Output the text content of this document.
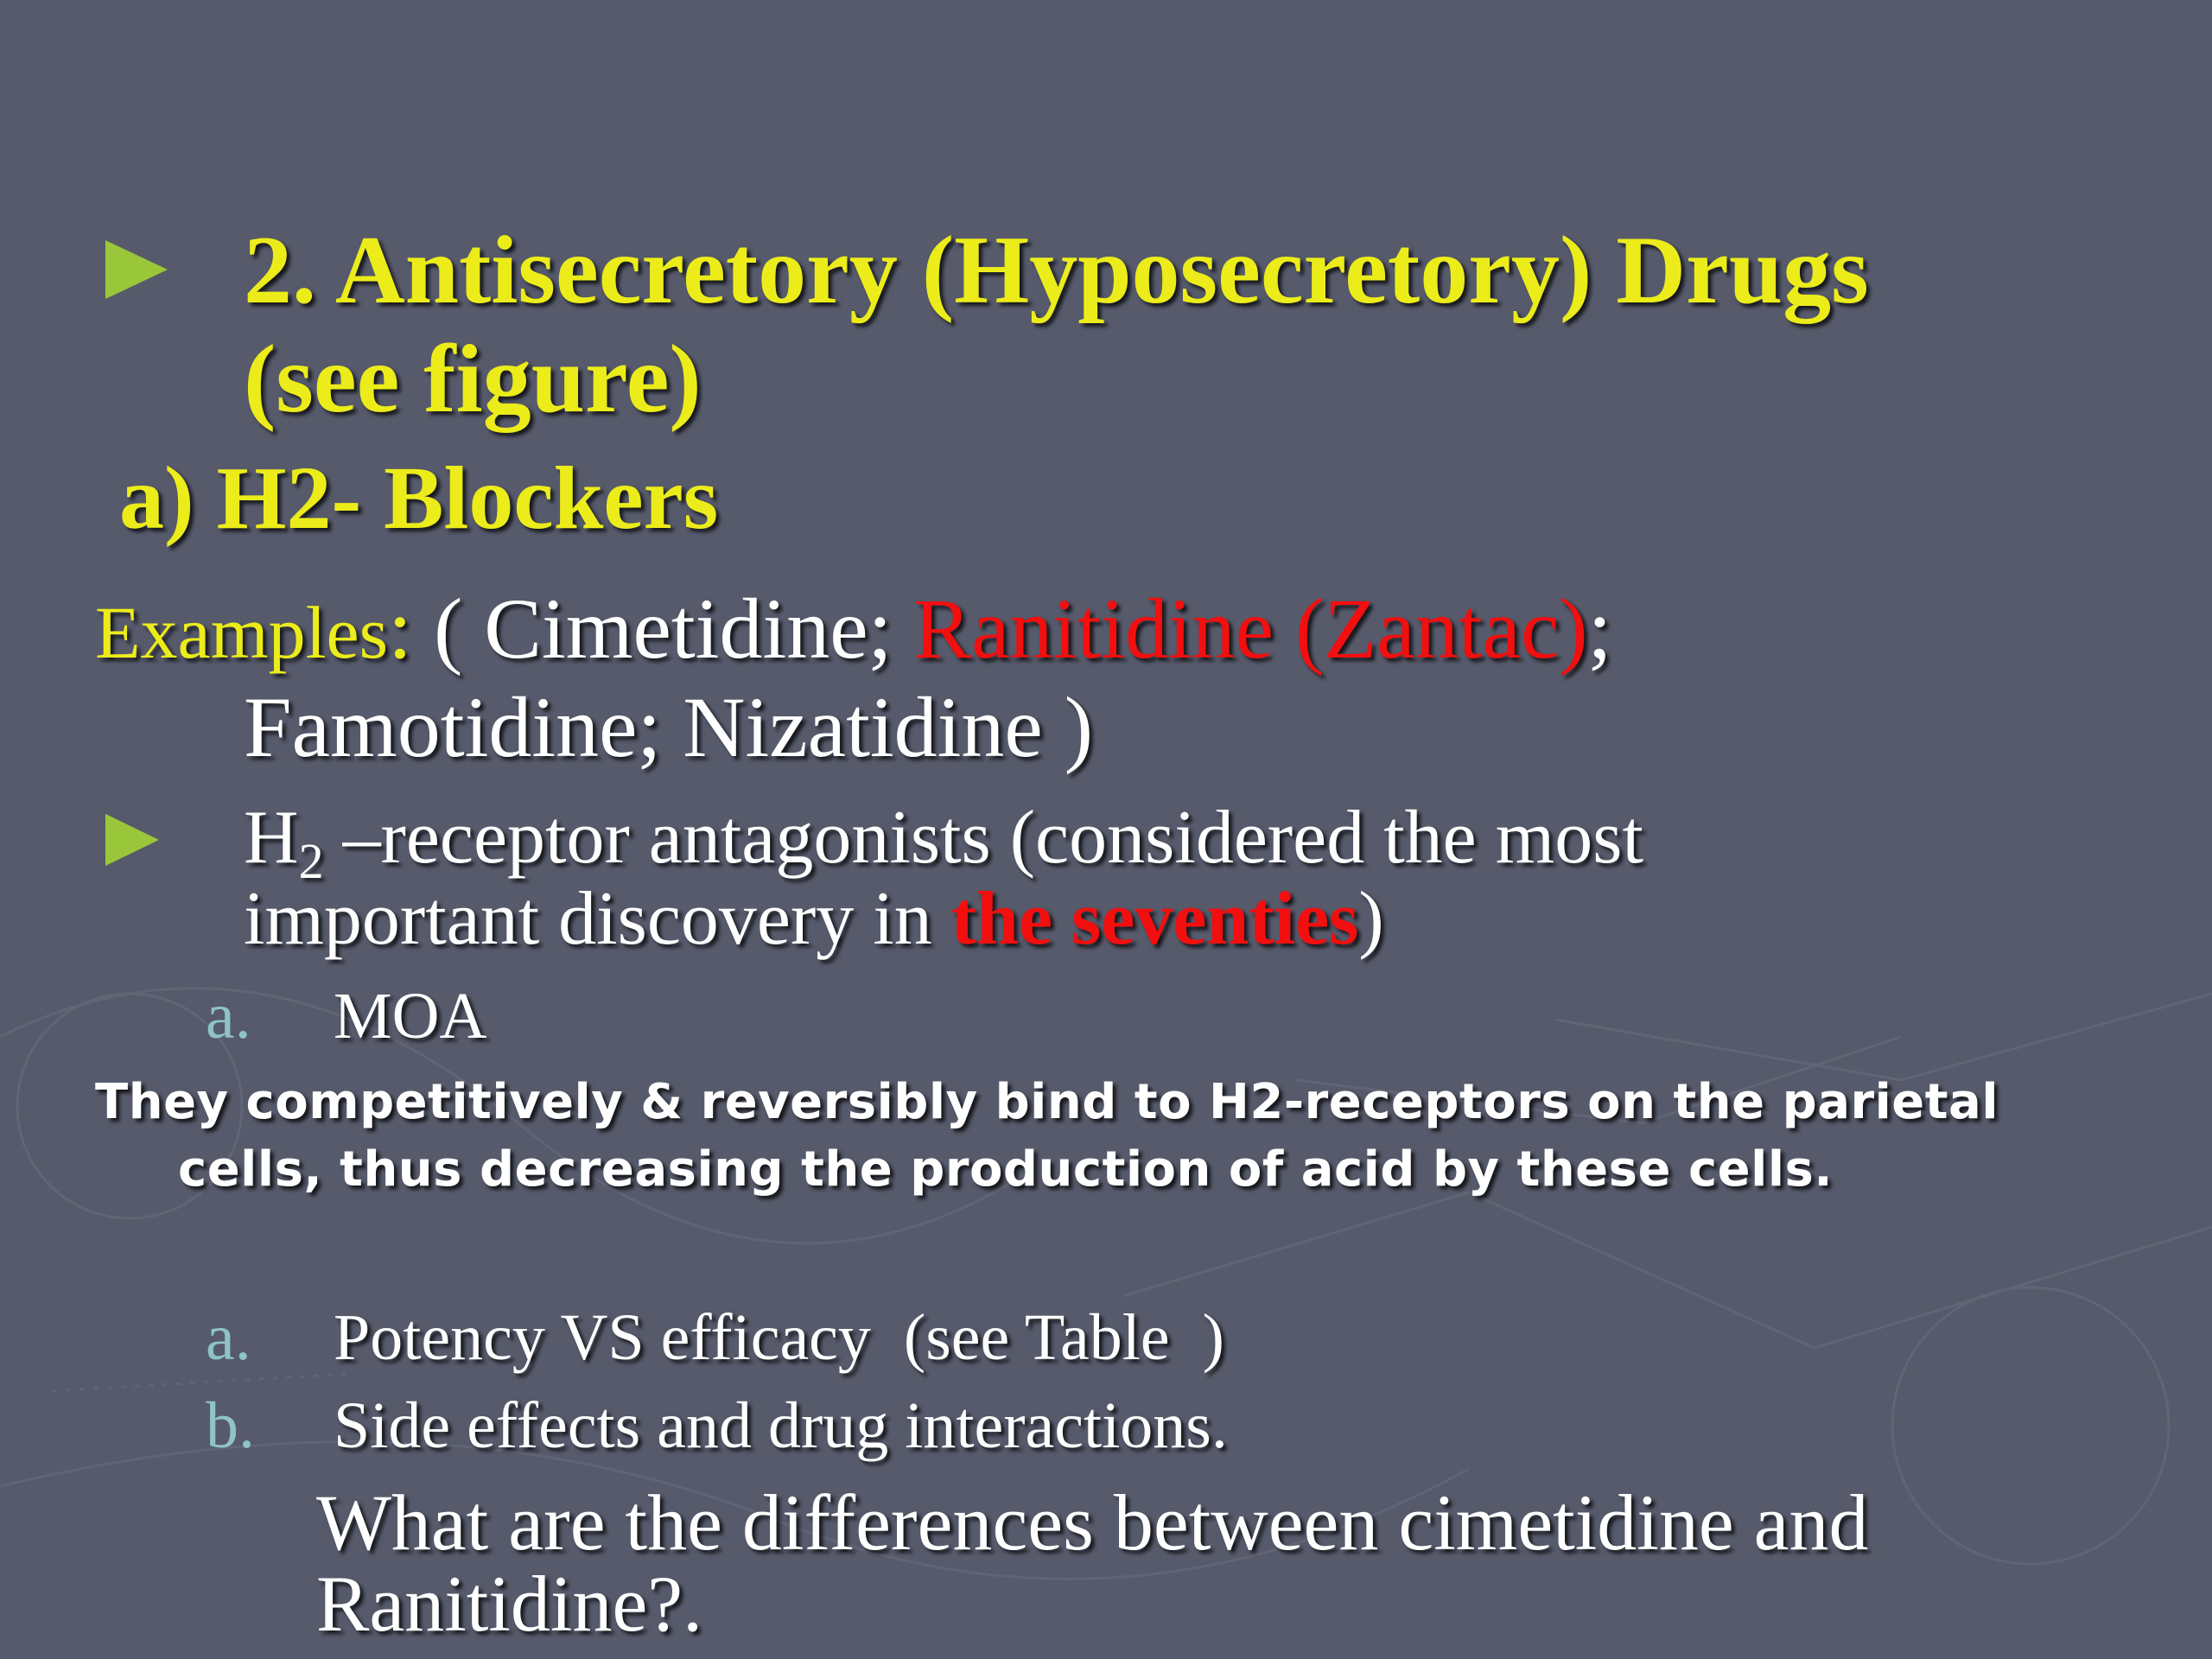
2. Antisecretory (Hyposecretory) Drugs
(see figure)
a) H2- Blockers
Examples: ( Cimetidine; Ranitidine (Zantac);
Famotidine; Nizatidine )
$H_2$ –receptor antagonists (considered the most
important discovery in the seventies)
a. MOA
They competitively & reversibly bind to H2-receptors on the parietal
cells, thus decreasing the production of acid by these cells.
a. Potency VS efficacy  (see Table  )
b. Side effects and drug interactions.
What are the differences between cimetidine and
Ranitidine?.
